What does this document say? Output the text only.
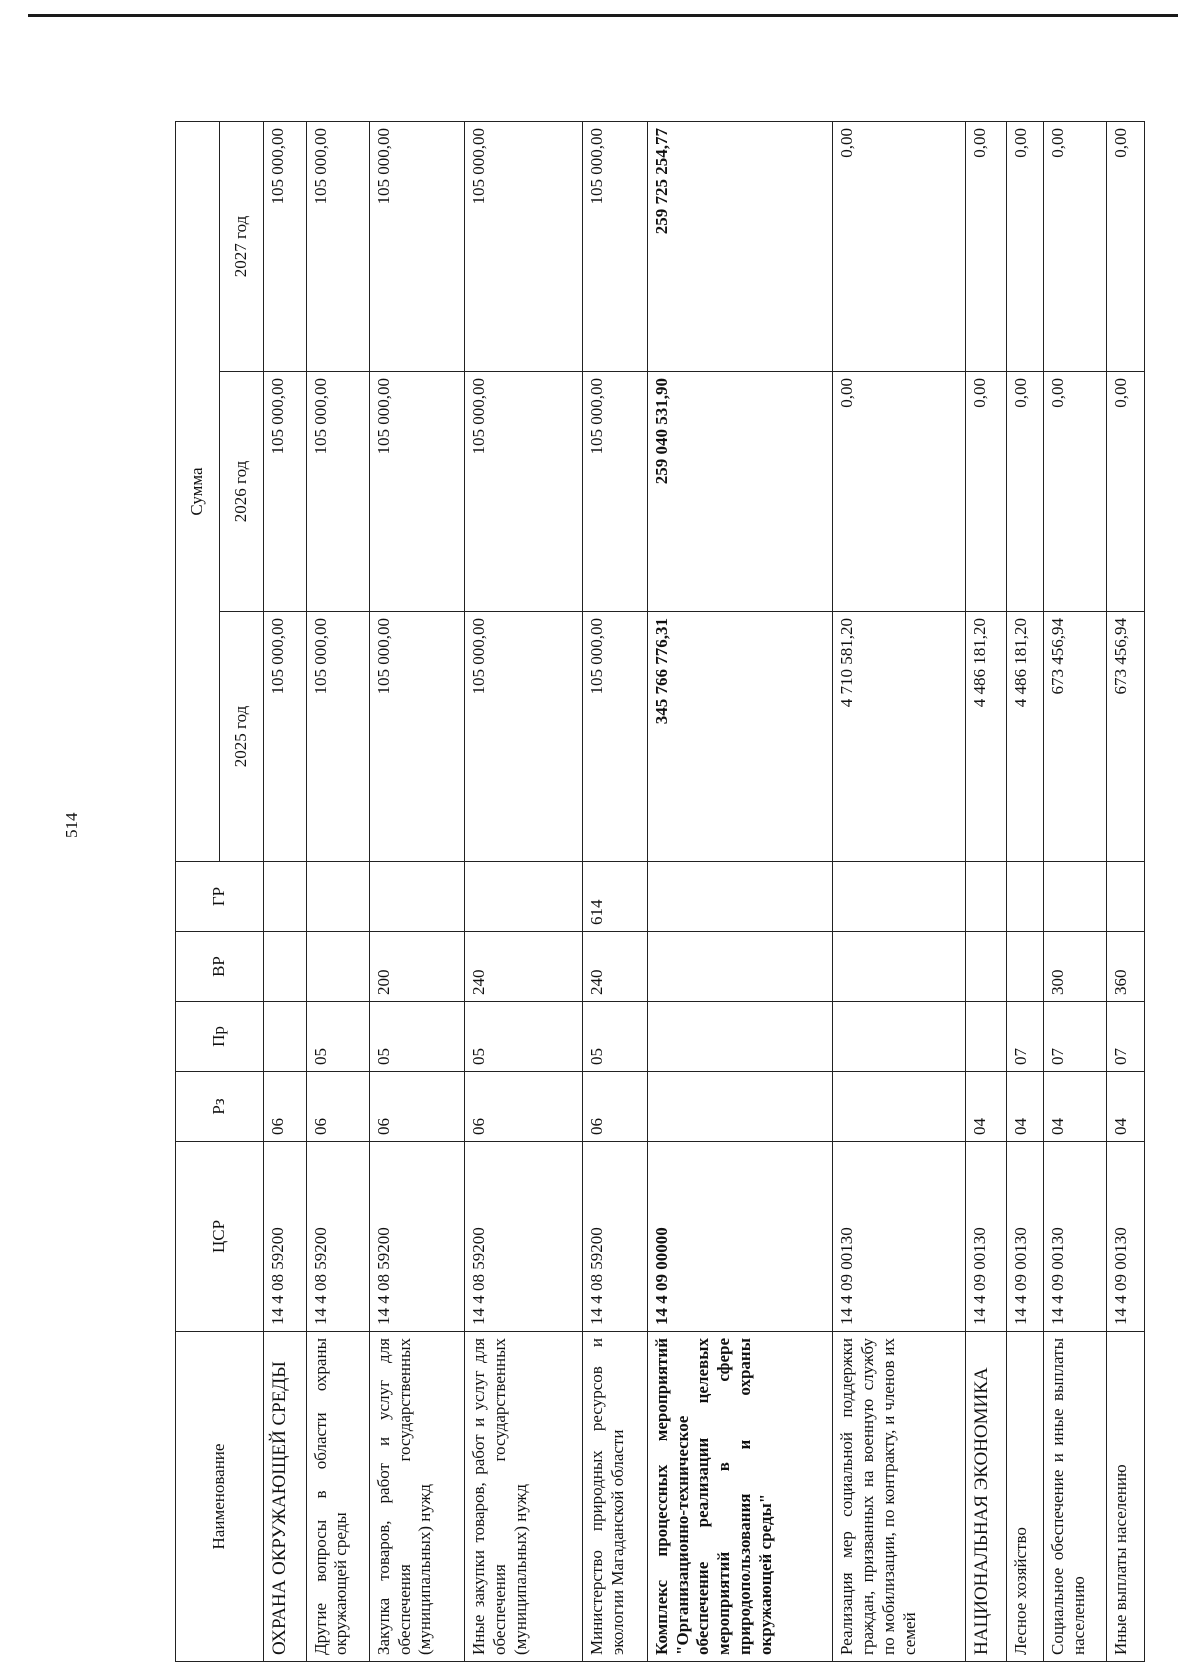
514
Наименование	ЦСР	Рз	Пр	ВР	ГР	Сумма		
						2025 год	2026 год	2027 год
ОХРАНА ОКРУЖАЮЩЕЙ СРЕДЫ	14 4 08 59200	06				105 000,00	105 000,00	105 000,00
Другие вопросы в области охраны окружающей среды	14 4 08 59200	06	05			105 000,00	105 000,00	105 000,00
Закупка товаров, работ и услуг для обеспечения государственных (муниципальных) нужд	14 4 08 59200	06	05	200		105 000,00	105 000,00	105 000,00
Иные закупки товаров, работ и услуг для обеспечения государственных (муниципальных) нужд	14 4 08 59200	06	05	240		105 000,00	105 000,00	105 000,00
Министерство природных ресурсов и экологии Магаданской области	14 4 08 59200	06	05	240	614	105 000,00	105 000,00	105 000,00
Комплекс процессных мероприятий "Организационно-техническое обеспечение реализации целевых мероприятий в сфере природопользования и охраны окружающей среды"	14 4 09 00000					345 766 776,31	259 040 531,90	259 725 254,77
Реализация мер социальной поддержки граждан, призванных на военную службу по мобилизации, по контракту, и членов их семей	14 4 09 00130					4 710 581,20	0,00	0,00
НАЦИОНАЛЬНАЯ ЭКОНОМИКА	14 4 09 00130	04				4 486 181,20	0,00	0,00
Лесное хозяйство	14 4 09 00130	04	07			4 486 181,20	0,00	0,00
Социальное обеспечение и иные выплаты населению	14 4 09 00130	04	07	300		673 456,94	0,00	0,00
Иные выплаты населению	14 4 09 00130	04	07	360		673 456,94	0,00	0,00
